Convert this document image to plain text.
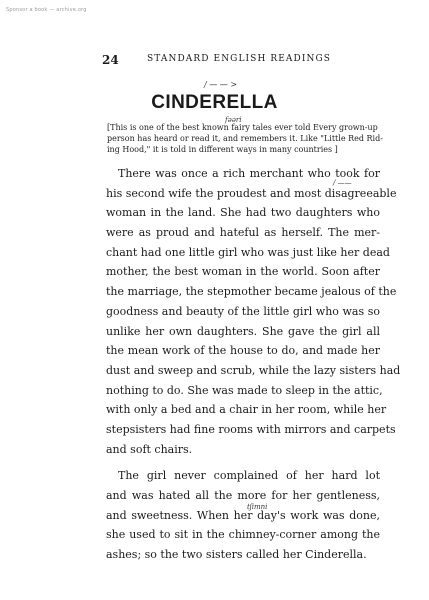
Sponsor a book — archive.org
24	STANDARD ENGLISH READINGS
/ — — >
CINDERELLA
fəəri
[This is one of the best known fairy tales ever told Every grown-up
person has heard or read it, and remembers it. Like "Little Red Rid-
ing Hood," it is told in different ways in many countries ]
/ ——
tʃimni
There was once a rich merchant who took for
his second wife the proudest and most disagreeable
woman in the land. She had two daughters who
were as proud and hateful as herself. The mer-
chant had one little girl who was just like her dead
mother, the best woman in the world. Soon after
the marriage, the stepmother became jealous of the
goodness and beauty of the little girl who was so
unlike her own daughters. She gave the girl all
the mean work of the house to do, and made her
dust and sweep and scrub, while the lazy sisters had
nothing to do. She was made to sleep in the attic,
with only a bed and a chair in her room, while her
stepsisters had fine rooms with mirrors and carpets
and soft chairs.
The girl never complained of her hard lot
and was hated all the more for her gentleness,
and sweetness. When her day's work was done,
she used to sit in the chimney-corner among the
ashes; so the two sisters called her Cinderella.
